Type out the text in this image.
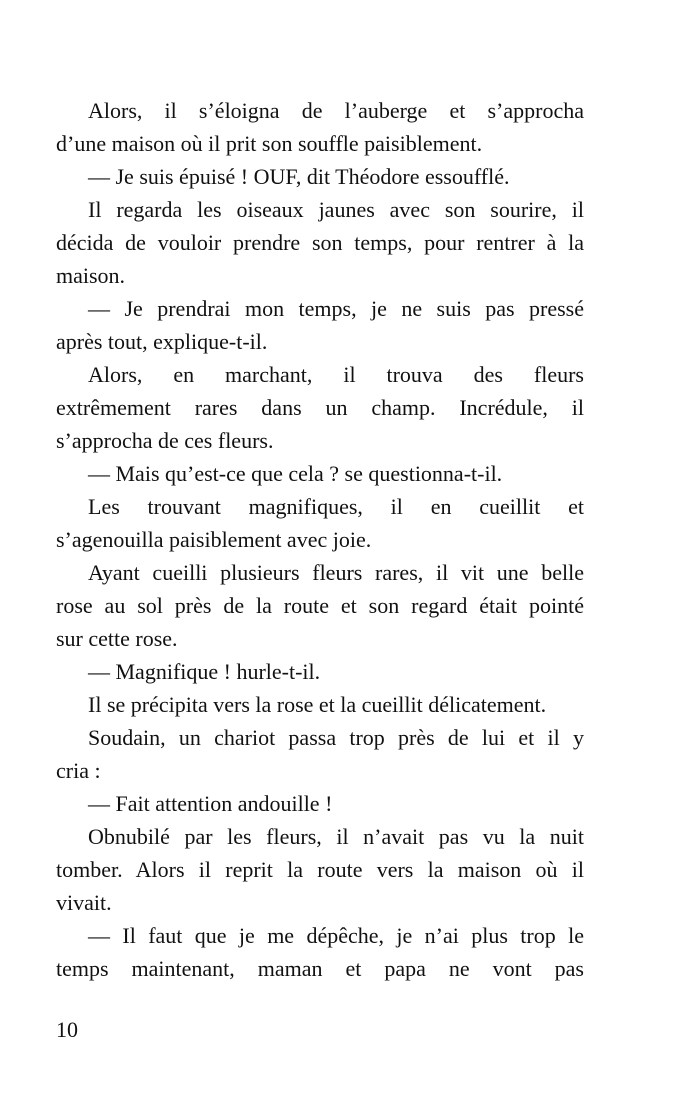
Alors, il s’éloigna de l’auberge et s’approcha
d’une maison où il prit son souffle paisiblement.
— Je suis épuisé ! OUF, dit Théodore essoufflé.
Il regarda les oiseaux jaunes avec son sourire, il
décida de vouloir prendre son temps, pour rentrer à la
maison.
— Je prendrai mon temps, je ne suis pas pressé
après tout, explique-t-il.
Alors, en marchant, il trouva des fleurs
extrêmement rares dans un champ. Incrédule, il
s’approcha de ces fleurs.
— Mais qu’est-ce que cela ? se questionna-t-il.
Les trouvant magnifiques, il en cueillit et
s’agenouilla paisiblement avec joie.
Ayant cueilli plusieurs fleurs rares, il vit une belle
rose au sol près de la route et son regard était pointé
sur cette rose.
— Magnifique ! hurle-t-il.
Il se précipita vers la rose et la cueillit délicatement.
Soudain, un chariot passa trop près de lui et il y
cria :
— Fait attention andouille !
Obnubilé par les fleurs, il n’avait pas vu la nuit
tomber. Alors il reprit la route vers la maison où il
vivait.
— Il faut que je me dépêche, je n’ai plus trop le
temps maintenant, maman et papa ne vont pas
10
